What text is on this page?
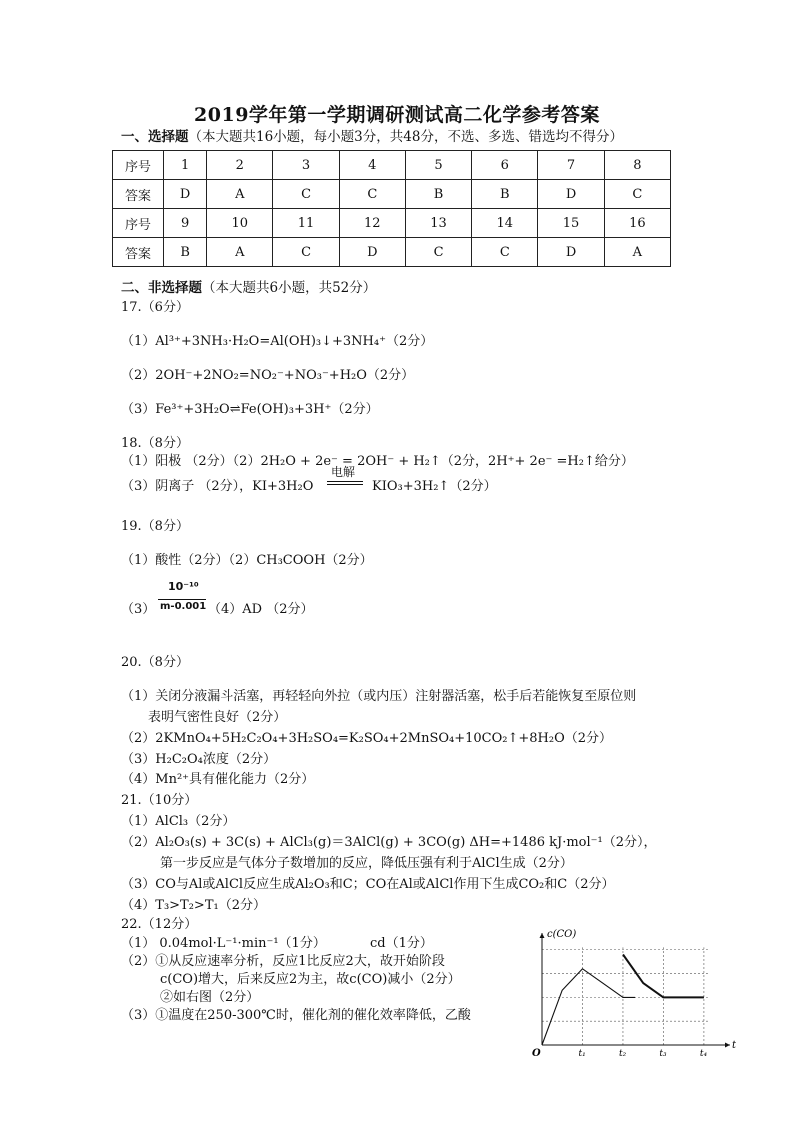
2019学年第一学期调研测试高二化学参考答案
一、选择题（本大题共16小题，每小题3分，共48分，不选、多选、错选均不得分）
序号	1	2	3	4	5	6	7	8
答案	D	A	C	C	B	B	D	C
序号	9	10	11	12	13	14	15	16
答案	B	A	C	D	C	C	D	A
二、非选择题（本大题共6小题，共52分）
17.（6分）
（1）Al³⁺+3NH₃·H₂O=Al(OH)₃↓+3NH₄⁺（2分）
（2）2OH⁻+2NO₂=NO₂⁻+NO₃⁻+H₂O（2分）
（3）Fe³⁺+3H₂O⇌Fe(OH)₃+3H⁺（2分）
18.（8分）
（1）阳极 （2分）（2）2H₂O + 2e⁻ = 2OH⁻ + H₂↑（2分，2H⁺+ 2e⁻ =H₂↑给分）
（3）阴离子 （2分），KI+3H₂O
电解
KIO₃+3H₂↑（2分）
19.（8分）
（1）酸性（2分）（2）CH₃COOH（2分）
（3）
10⁻¹⁰
m-0.001 （4）AD （2分）
20.（8分）
（1）关闭分液漏斗活塞，再轻轻向外拉（或内压）注射器活塞，松手后若能恢复至原位则
表明气密性良好（2分）
（2）2KMnO₄+5H₂C₂O₄+3H₂SO₄=K₂SO₄+2MnSO₄+10CO₂↑+8H₂O（2分）
（3）H₂C₂O₄浓度（2分）
（4）Mn²⁺具有催化能力（2分）
21.（10分）
（1）AlCl₃（2分）
（2）Al₂O₃(s) + 3C(s) + AlCl₃(g)＝3AlCl(g) + 3CO(g) ΔH=+1486 kJ·mol⁻¹（2分），
第一步反应是气体分子数增加的反应，降低压强有利于AlCl生成（2分）
（3）CO与Al或AlCl反应生成Al₂O₃和C；CO在Al或AlCl作用下生成CO₂和C（2分）
（4）T₃>T₂>T₁（2分）
22.（12分）
（1） 0.04mol·L⁻¹·min⁻¹（1分）	cd（1分）
（2）①从反应速率分析，反应1比反应2大，故开始阶段
c(CO)增大，后来反应2为主，故c(CO)减小（2分）
②如右图（2分）
（3）①温度在250-300℃时，催化剂的催化效率降低，乙酸
c(CO)
t
O	t₁	t₂	t₃	t₄
